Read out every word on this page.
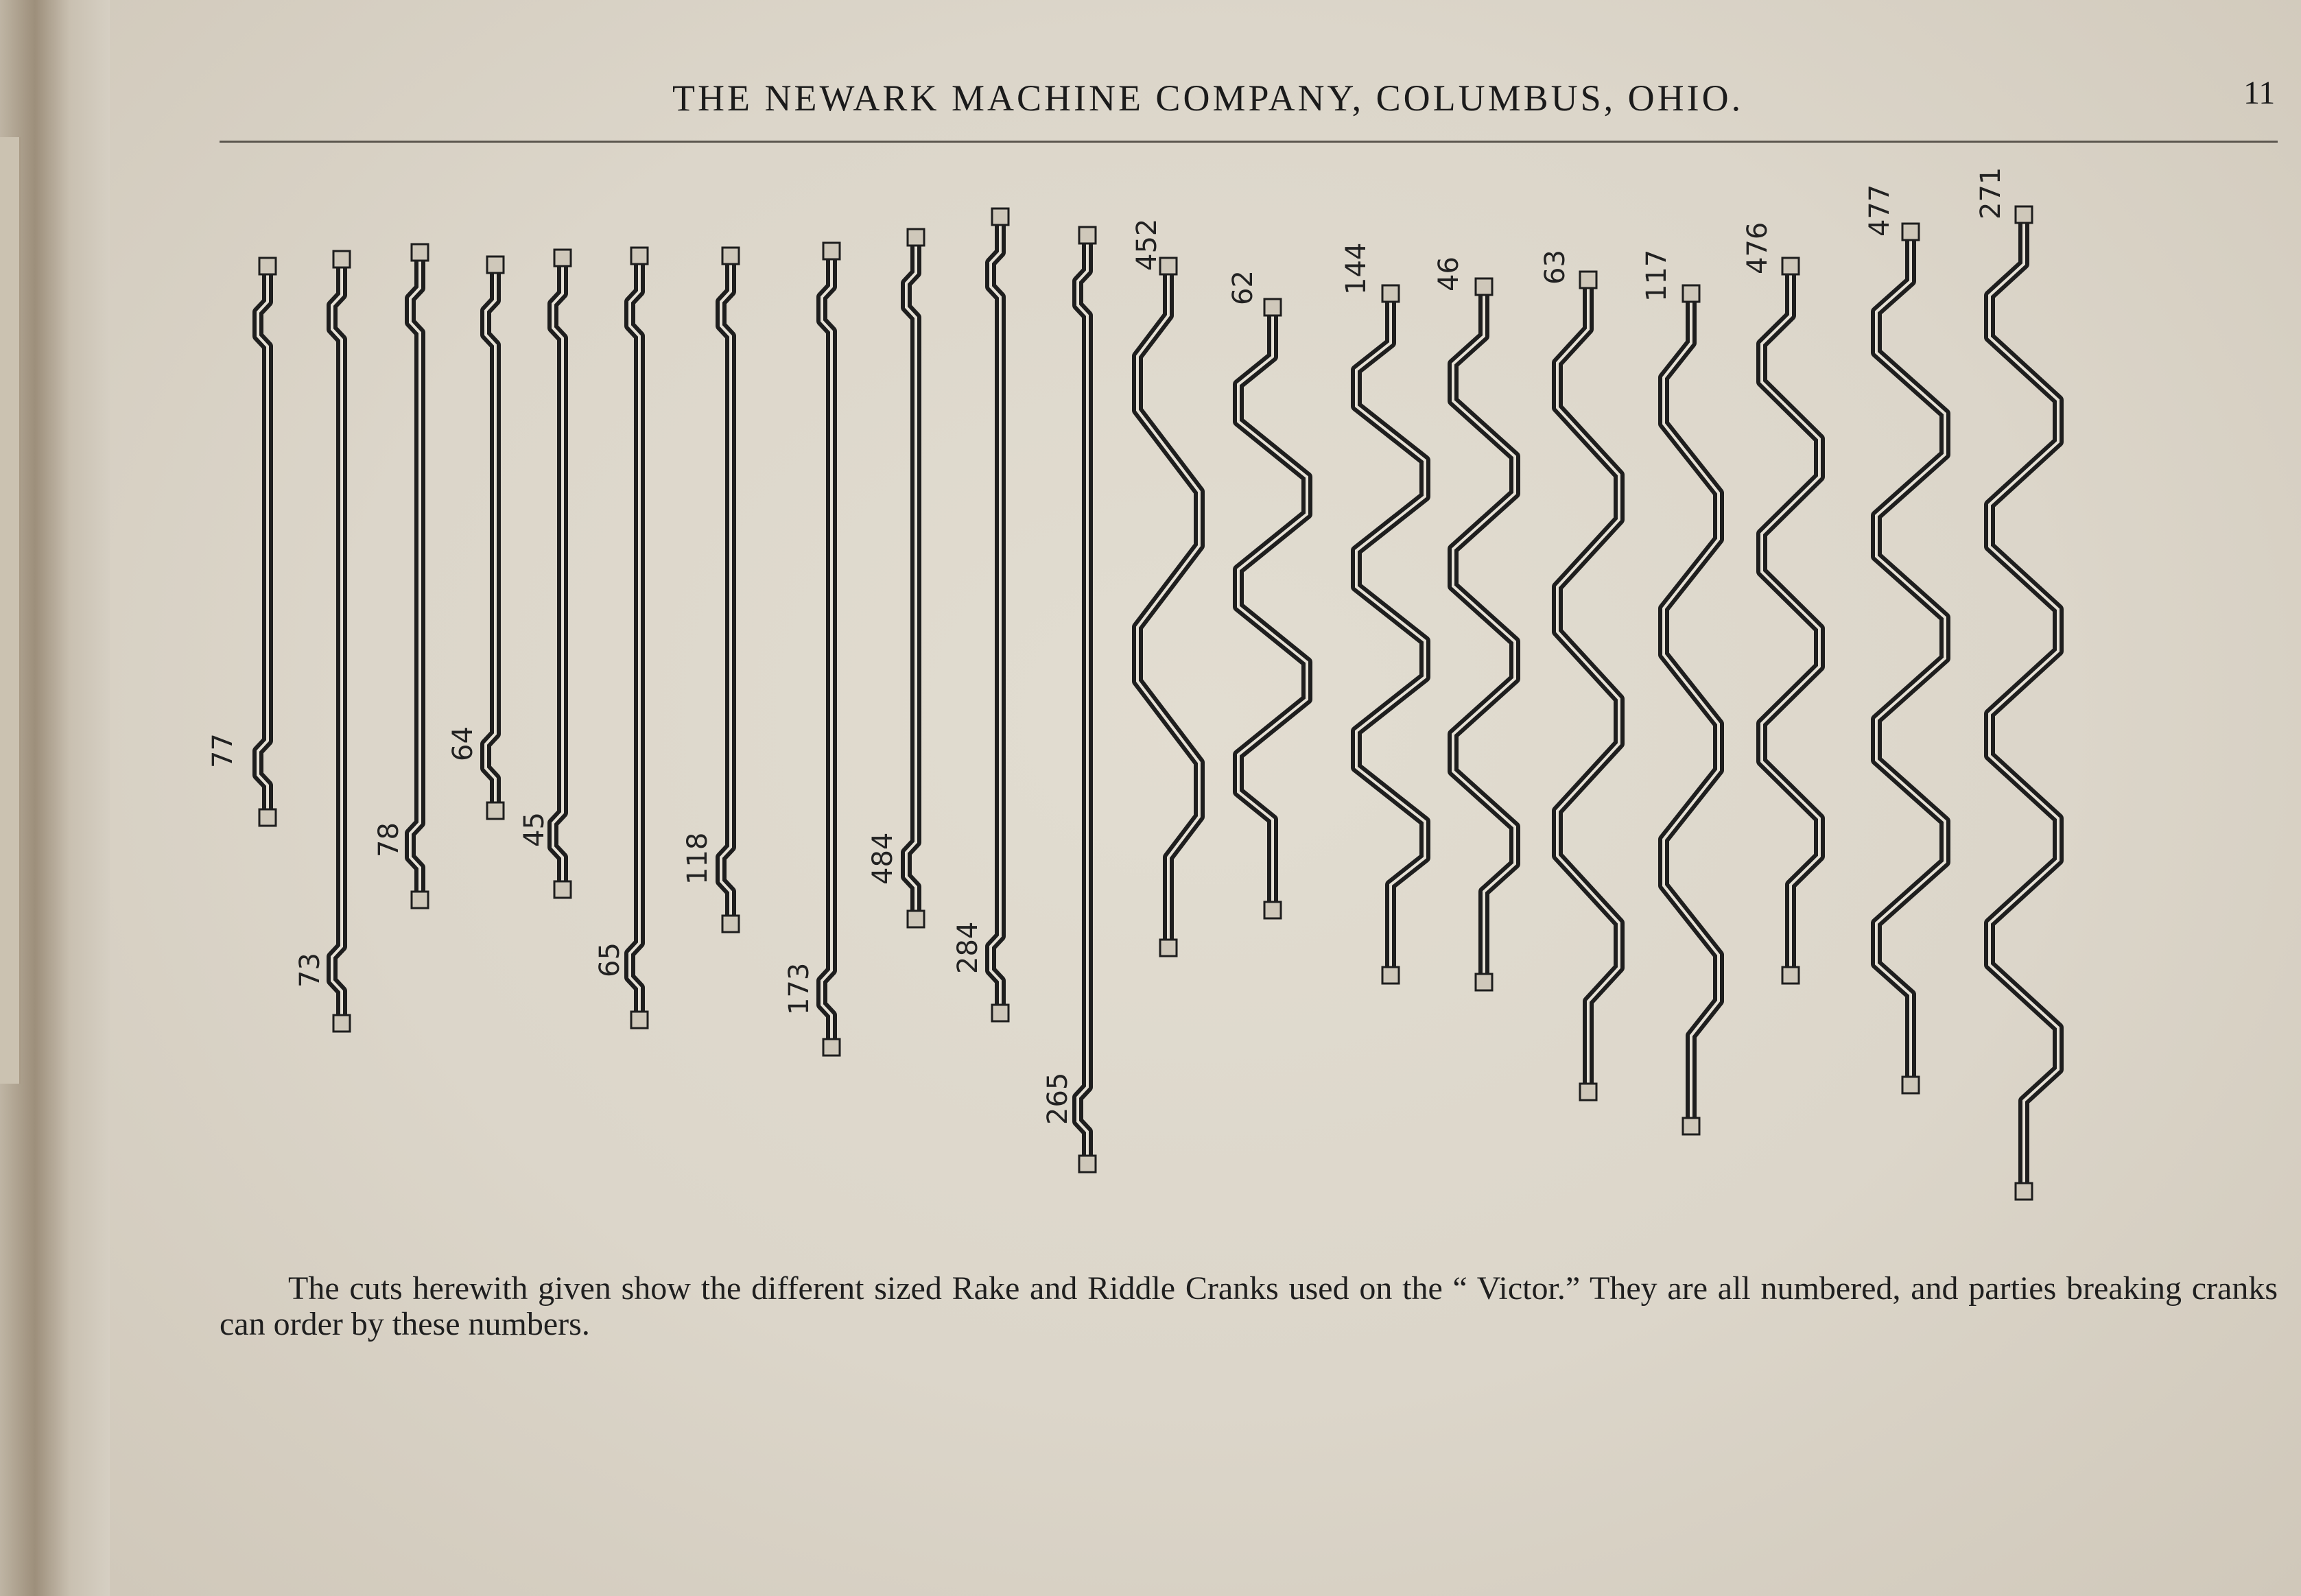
THE NEWARK MACHINE COMPANY, COLUMBUS, OHIO.	11
77
73
78
64
45
65
118
173
484
284
265
452
62	144 46	63	117
476
477	271

The cuts herewith given show the different sized Rake and Riddle Cranks used on the “ Victor.” They are all numbered, and parties breaking cranks can order by these numbers.
